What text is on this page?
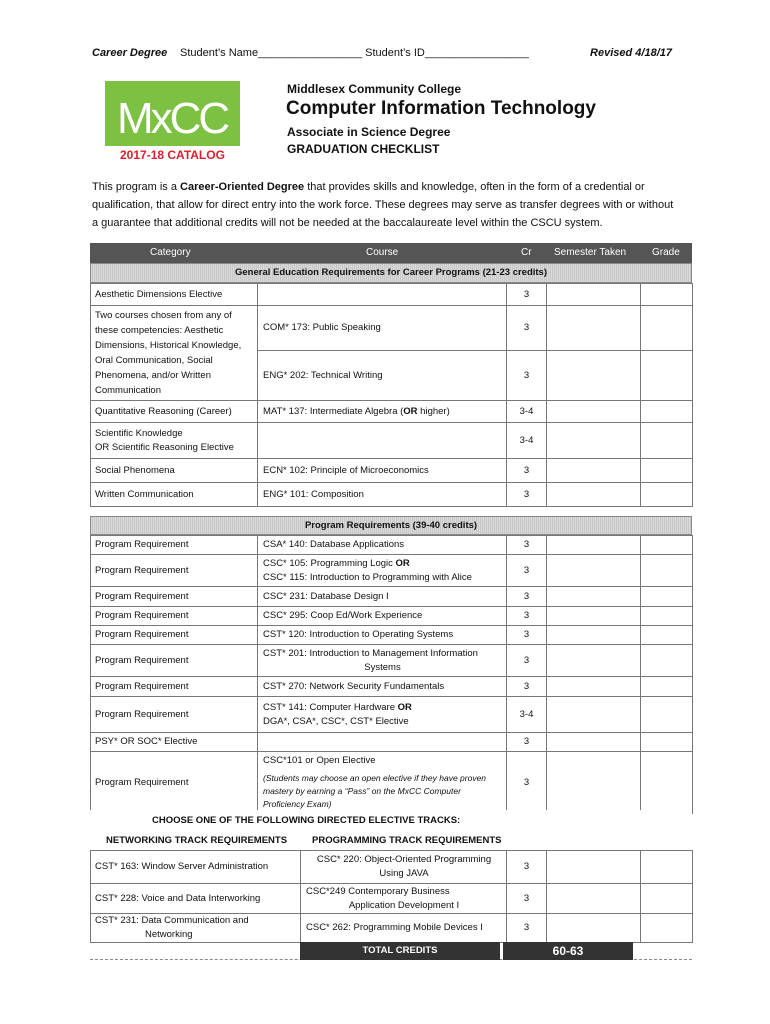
Career Degree Student’s Name_________________ Student’s ID_________________	Revised 4/18/17
MxCC
2017-18 CATALOG
Middlesex Community College
Computer Information Technology
Associate in Science Degree
GRADUATION CHECKLIST
This program is a Career-Oriented Degree that provides skills and knowledge, often in the form of a credential or qualification, that allow for direct entry into the work force. These degrees may serve as transfer degrees with or without a guarantee that additional credits will not be needed at the baccalaureate level within the CSCU system.
Category	Course	Cr Semester Taken	Grade
General Education Requirements for Career Programs (21-23 credits)
Aesthetic Dimensions Elective		3		
Two courses chosen from any of these competencies: Aesthetic Dimensions, Historical Knowledge, Oral Communication, Social Phenomena, and/or Written Communication	COM* 173: Public Speaking	3		
	ENG* 202: Technical Writing	3		
Quantitative Reasoning (Career)	MAT* 137: Intermediate Algebra (OR higher)	3-4		

Scientific Knowledge
OR Scientific Reasoning Elective		3-4		
Social Phenomena	ECN* 102: Principle of Microeconomics	3		
Written Communication	ENG* 101: Composition	3		
Program Requirements (39-40 credits)
Program Requirement	CSA* 140: Database Applications	3		
Program Requirement	CSC* 105: Programming Logic OR
CSC* 115: Introduction to Programming with Alice	3		
Program Requirement	CSC* 231: Database Design I	3		
Program Requirement	CSC* 295: Coop Ed/Work Experience	3		
Program Requirement	CST* 120: Introduction to Operating Systems	3		
Program Requirement	CST* 201: Introduction to Management Information
Systems	3		
Program Requirement	CST* 270: Network Security Fundamentals	3		
Program Requirement	CST* 141: Computer Hardware OR
DGA*, CSA*, CSC*, CST* Elective	3-4		
PSY* OR SOC* Elective		3		
Program Requirement	CSC*101 or Open Elective
(Students may choose an open elective if they have proven mastery by earning a “Pass” on the MxCC Computer Proficiency Exam)	3		
CHOOSE ONE OF THE FOLLOWING DIRECTED ELECTIVE TRACKS:
NETWORKING TRACK REQUIREMENTS	PROGRAMMING TRACK REQUIREMENTS
CST* 163: Window Server Administration	CSC* 220: Object-Oriented Programming
Using JAVA	3		
CST* 228: Voice and Data Interworking	CSC*249 Contemporary Business
Application Development I	3		

CST* 231: Data Communication and
Networking	CSC* 262: Programming Mobile Devices I	3		
TOTAL CREDITS	60-63
